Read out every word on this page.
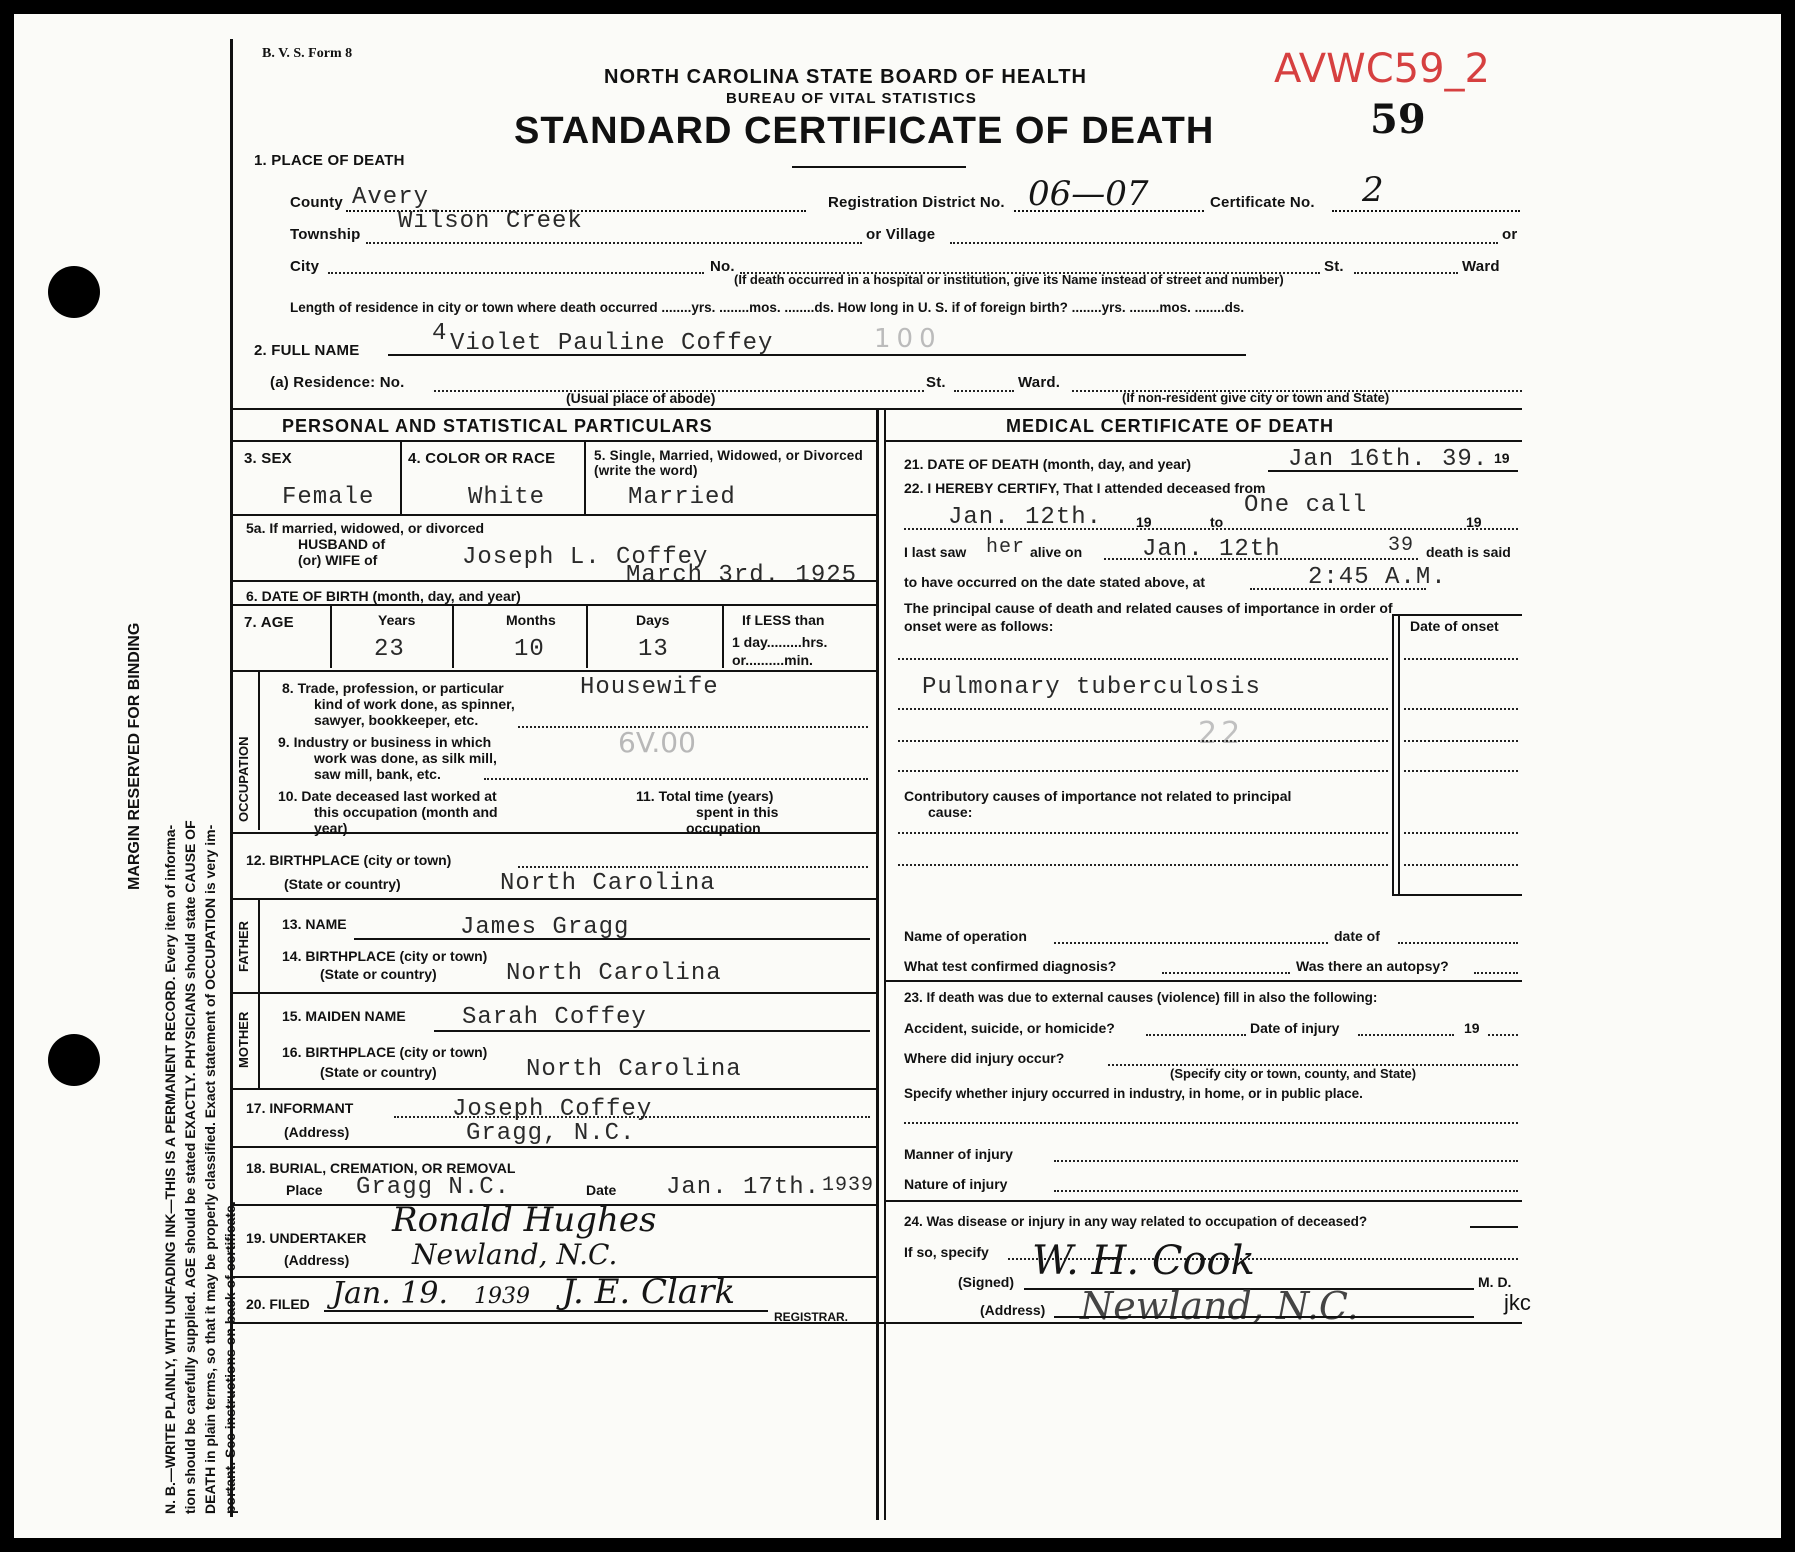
MARGIN RESERVED FOR BINDING
N. B.—WRITE PLAINLY, WITH UNFADING INK—THIS IS A PERMANENT RECORD. Every item of informa- tion should be carefully supplied. AGE should be stated EXACTLY. PHYSICIANS should state CAUSE OF DEATH in plain terms, so that it may be properly classified. Exact statement of OCCUPATION is very im- portant. See instructions on back of certificate.
B. V. S. Form 8
NORTH CAROLINA STATE BOARD OF HEALTH
BUREAU OF VITAL STATISTICS
STANDARD CERTIFICATE OF DEATH
AVWC59_2
59
1. PLACE OF DEATH
County Avery	Registration District No. 06—07	Certificate No. 2
Township Wilson Creek	or Village	or
City	No.	St.	Ward
(If death occurred in a hospital or institution, give its Name instead of street and number)
Length of residence in city or town where death occurred ........yrs. ........mos. ........ds. How long in U. S. if of foreign birth? ........yrs. ........mos. ........ds.
2. FULL NAME
4 Violet Pauline Coffey	100
(a) Residence: No.	St.	Ward.
(Usual place of abode)	(If non-resident give city or town and State)
PERSONAL AND STATISTICAL PARTICULARS
3. SEX	4. COLOR OR RACE	5. Single, Married, Widowed, or Divorced (write the word)
Female	White	Married
5a. If married, widowed, or divorced
HUSBAND of
(or) WIFE of	Joseph L. Coffey
March 3rd. 1925
6. DATE OF BIRTH (month, day, and year)
7. AGE	Years	Months	Days	If LESS than
1 day.........hrs.
or..........min.
23	10	13
OCCUPATION
8. Trade, profession, or particular
kind of work done, as spinner,
sawyer, bookkeeper, etc.
Housewife
9. Industry or business in which
work was done, as silk mill,
saw mill, bank, etc.
6V.00
10. Date deceased last worked at
this occupation (month and
year)
11. Total time (years)
spent in this
occupation
12. BIRTHPLACE (city or town)
(State or country)	North Carolina
FATHER 13. NAME	James Gragg
14. BIRTHPLACE (city or town)
(State or country)	North Carolina
MOTHER 15. MAIDEN NAME Sarah Coffey
16. BIRTHPLACE (city or town)
(State or country)	North Carolina
17. INFORMANT	Joseph Coffey
(Address)	Gragg, N.C.
18. BURIAL, CREMATION, OR REMOVAL
Place Gragg N.C.	Date Jan. 17th. 1939
19. UNDERTAKER Ronald Hughes
(Address) Newland, N.C.
20. FILED Jan. 19. 1939 J. E. Clark
REGISTRAR.
MEDICAL CERTIFICATE OF DEATH
21. DATE OF DEATH (month, day, and year)	Jan 16th. 39. 19
22. I HEREBY CERTIFY, That I attended deceased from
Jan. 12th. 19	to
One call
19
I last saw her alive on Jan. 12th	39 death is said
to have occurred on the date stated above, at	2:45 A.M.
The principal cause of death and related causes of importance in order of
onset were as follows:	Date of onset
Pulmonary tuberculosis
22
Contributory causes of importance not related to principal
cause:
Name of operation	date of
What test confirmed diagnosis?	Was there an autopsy?
23. If death was due to external causes (violence) fill in also the following:
Accident, suicide, or homicide?	Date of injury	19
Where did injury occur?
(Specify city or town, county, and State)
Specify whether injury occurred in industry, in home, or in public place.
Manner of injury
Nature of injury
24. Was disease or injury in any way related to occupation of deceased?
If so, specify
(Signed) W. H. Cook	M. D.
(Address) Newland, N.C.	jkc
